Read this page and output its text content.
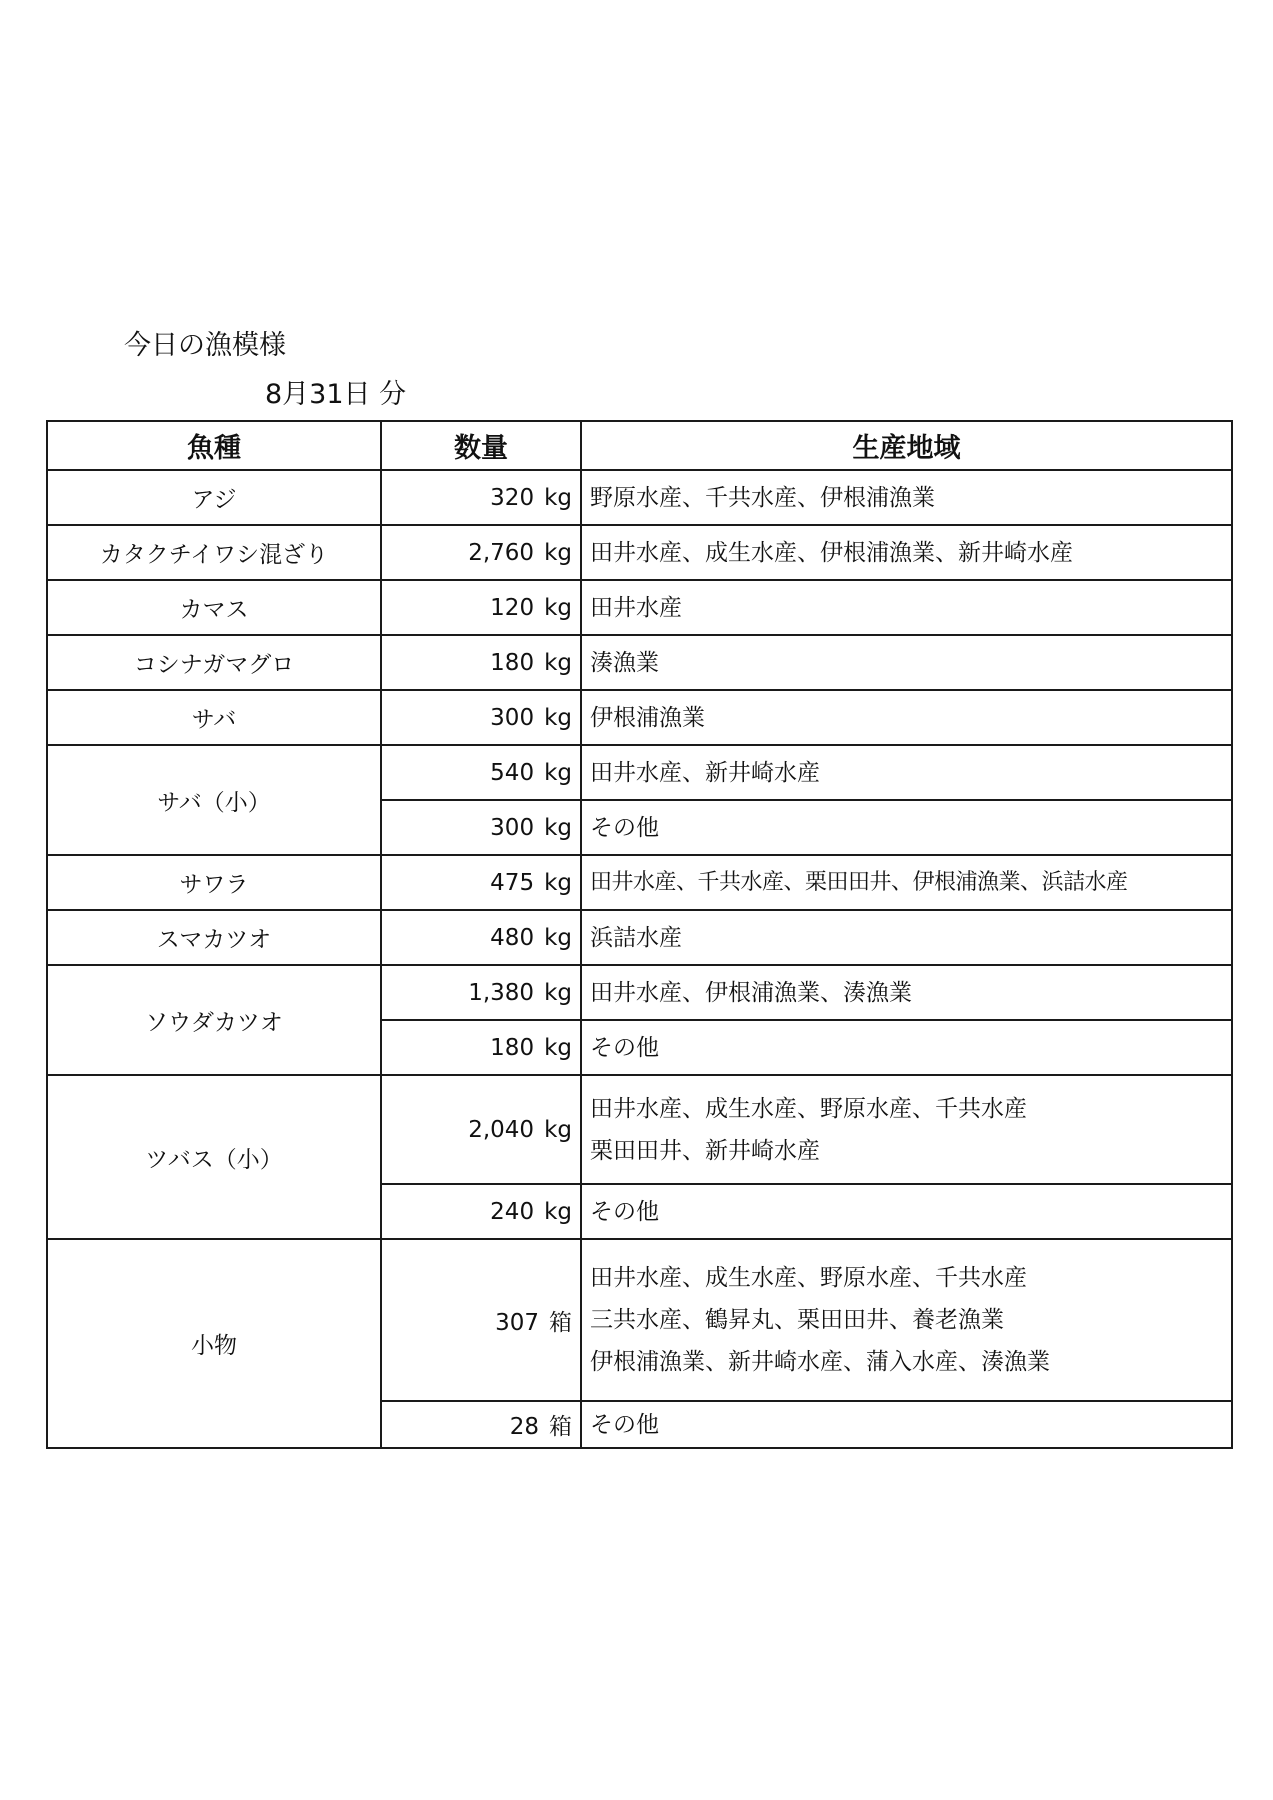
今日の漁模様
8月31日 分
魚種	数量	生産地域
アジ	320 kg	野原水産、千共水産、伊根浦漁業

カタクチイワシ混ざり	2,760 kg	田井水産、成生水産、伊根浦漁業、新井崎水産

カマス	120 kg	田井水産

コシナガマグロ	180 kg	湊漁業

サバ	300 kg	伊根浦漁業

サバ（小）	540 kg	田井水産、新井崎水産

	300 kg	その他

サワラ	475 kg	田井水産、千共水産、栗田田井、伊根浦漁業、浜詰水産

スマカツオ	480 kg	浜詰水産

ソウダカツオ	1,380 kg	田井水産、伊根浦漁業、湊漁業

	180 kg	その他

ツバス（小）	2,040 kg	田井水産、成生水産、野原水産、千共水産
栗田田井、新井崎水産

	240 kg	その他

小物	307 箱	田井水産、成生水産、野原水産、千共水産
三共水産、鶴昇丸、栗田田井、養老漁業
伊根浦漁業、新井崎水産、蒲入水産、湊漁業

	28 箱	その他
